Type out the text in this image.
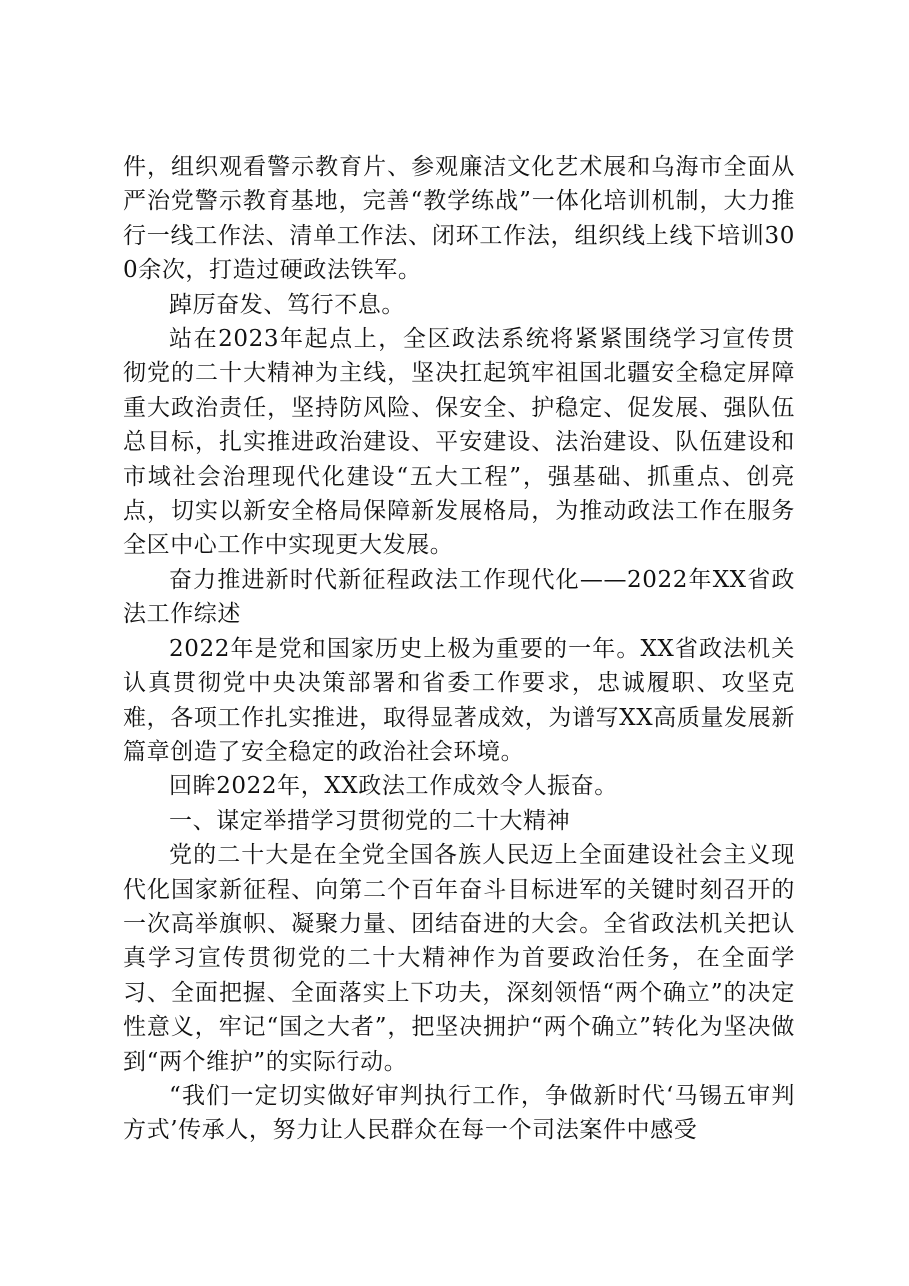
件，组织观看警示教育片、参观廉洁文化艺术展和乌海市全面从严治党警示教育基地，完善“教学练战”一体化培训机制，大力推行一线工作法、清单工作法、闭环工作法，组织线上线下培训300余次，打造过硬政法铁军。

踔厉奋发、笃行不息。

站在2023年起点上，全区政法系统将紧紧围绕学习宣传贯彻党的二十大精神为主线，坚决扛起筑牢祖国北疆安全稳定屏障重大政治责任，坚持防风险、保安全、护稳定、促发展、强队伍总目标，扎实推进政治建设、平安建设、法治建设、队伍建设和市域社会治理现代化建设“五大工程”，强基础、抓重点、创亮点，切实以新安全格局保障新发展格局，为推动政法工作在服务全区中心工作中实现更大发展。

奋力推进新时代新征程政法工作现代化——2022年XX省政法工作综述

2022年是党和国家历史上极为重要的一年。XX省政法机关认真贯彻党中央决策部署和省委工作要求，忠诚履职、攻坚克难，各项工作扎实推进，取得显著成效，为谱写XX高质量发展新篇章创造了安全稳定的政治社会环境。

回眸2022年，XX政法工作成效令人振奋。

一、谋定举措学习贯彻党的二十大精神

党的二十大是在全党全国各族人民迈上全面建设社会主义现代化国家新征程、向第二个百年奋斗目标进军的关键时刻召开的一次高举旗帜、凝聚力量、团结奋进的大会。全省政法机关把认真学习宣传贯彻党的二十大精神作为首要政治任务，在全面学习、全面把握、全面落实上下功夫，深刻领悟“两个确立”的决定性意义，牢记“国之大者”，把坚决拥护“两个确立”转化为坚决做到“两个维护”的实际行动。

“我们一定切实做好审判执行工作，争做新时代‘马锡五审判方式’传承人，努力让人民群众在每一个司法案件中感受
